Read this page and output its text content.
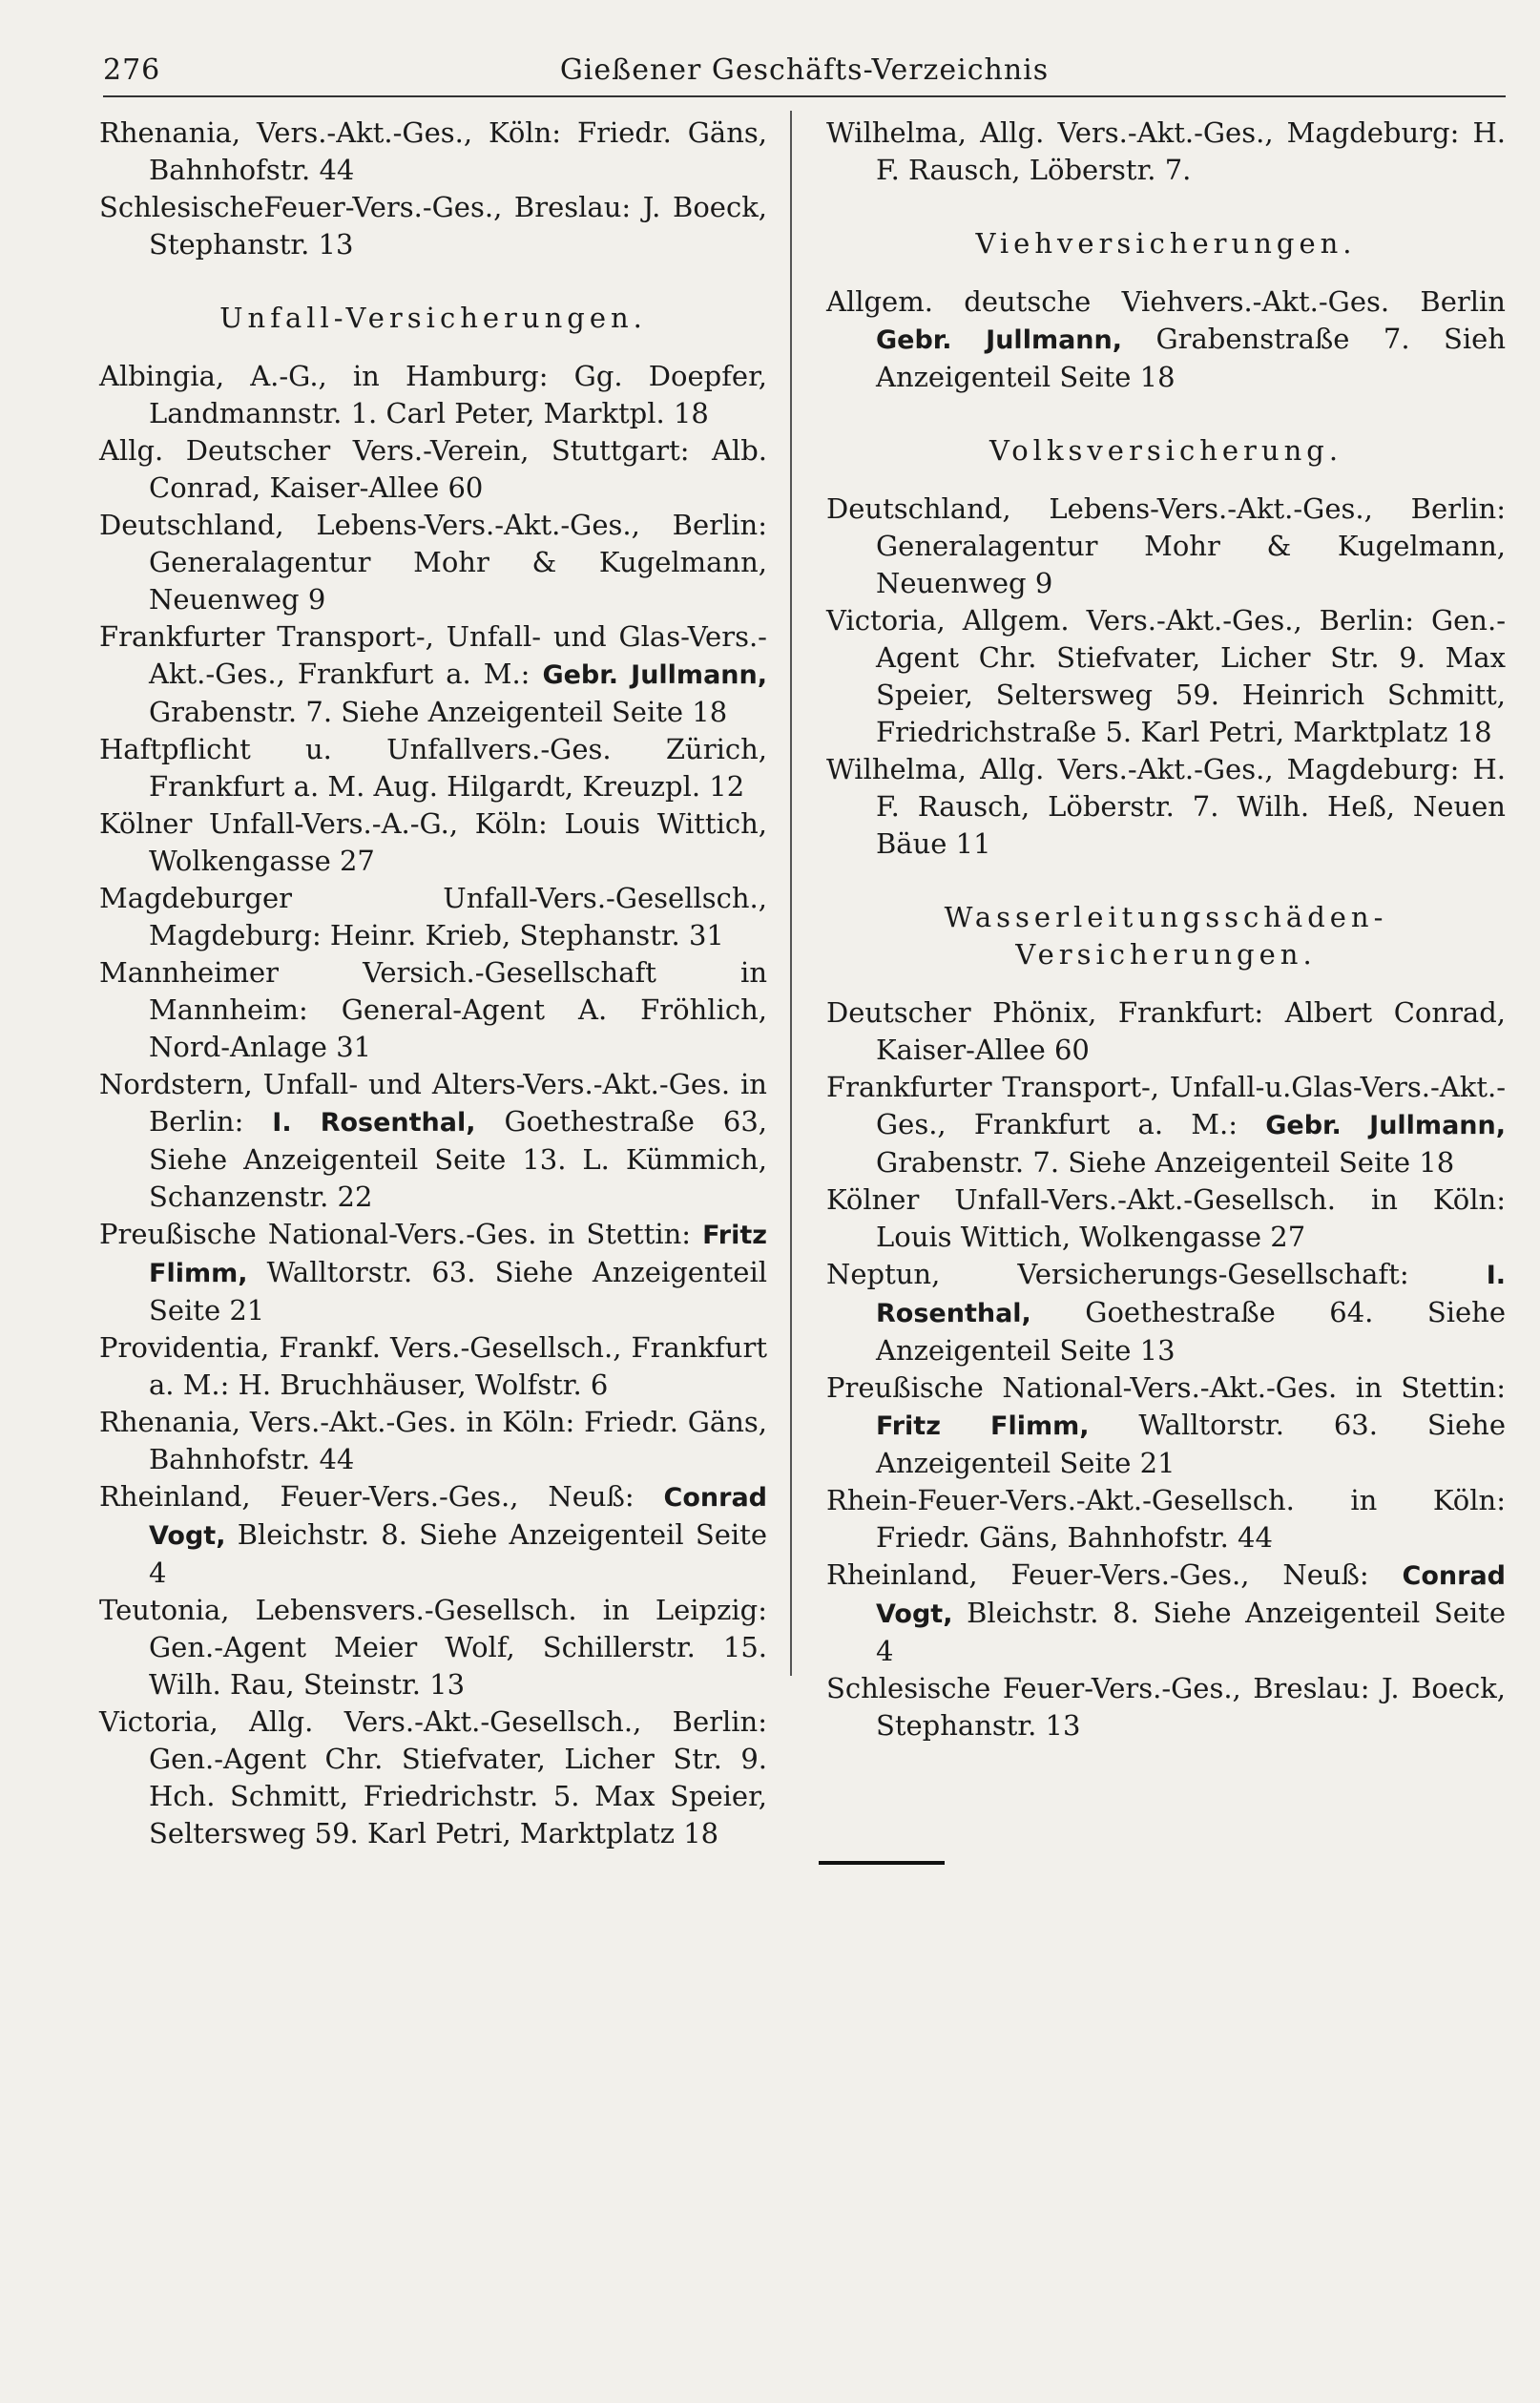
276	Gießener Geschäfts-Verzeichnis

Rhenania, Vers.-Akt.-Ges., Köln: Friedr. Gäns, Bahnhofstr. 44

SchlesischeFeuer-Vers.-Ges., Breslau: J. Boeck, Stephanstr. 13

Unfall-Versicherungen.

Albingia, A.-G., in Hamburg: Gg. Doepfer, Landmannstr. 1. Carl Peter, Marktpl. 18

Allg. Deutscher Vers.-Verein, Stuttgart: Alb. Conrad, Kaiser-Allee 60

Deutschland, Lebens-Vers.-Akt.-Ges., Berlin: Generalagentur Mohr & Kugelmann, Neuenweg 9

Frankfurter Transport-, Unfall- und Glas-Vers.-Akt.-Ges., Frankfurt a. M.: Gebr. Jullmann, Grabenstr. 7. Siehe Anzeigenteil Seite 18

Haftpflicht u. Unfallvers.-Ges. Zürich, Frankfurt a. M. Aug. Hilgardt, Kreuzpl. 12

Kölner Unfall-Vers.-A.-G., Köln: Louis Wittich, Wolkengasse 27

Magdeburger Unfall-Vers.-Gesellsch., Magdeburg: Heinr. Krieb, Stephanstr. 31

Mannheimer Versich.-Gesellschaft in Mannheim: General-Agent A. Fröhlich, Nord-Anlage 31

Nordstern, Unfall- und Alters-Vers.-Akt.-Ges. in Berlin: I. Rosenthal, Goethestraße 63, Siehe Anzeigenteil Seite 13. L. Kümmich, Schanzenstr. 22

Preußische National-Vers.-Ges. in Stettin: Fritz Flimm, Walltorstr. 63. Siehe Anzeigenteil Seite 21

Providentia, Frankf. Vers.-Gesellsch., Frankfurt a. M.: H. Bruchhäuser, Wolfstr. 6

Rhenania, Vers.-Akt.-Ges. in Köln: Friedr. Gäns, Bahnhofstr. 44

Rheinland, Feuer-Vers.-Ges., Neuß: Conrad Vogt, Bleichstr. 8. Siehe Anzeigenteil Seite 4

Teutonia, Lebensvers.-Gesellsch. in Leipzig: Gen.-Agent Meier Wolf, Schillerstr. 15. Wilh. Rau, Steinstr. 13

Victoria, Allg. Vers.-Akt.-Gesellsch., Berlin: Gen.-Agent Chr. Stiefvater, Licher Str. 9. Hch. Schmitt, Friedrichstr. 5. Max Speier, Seltersweg 59. Karl Petri, Marktplatz 18

Wilhelma, Allg. Vers.-Akt.-Ges., Magdeburg: H. F. Rausch, Löberstr. 7.

Viehversicherungen.

Allgem. deutsche Viehvers.-Akt.-Ges. Berlin Gebr. Jullmann, Grabenstraße 7. Sieh Anzeigenteil Seite 18

Volksversicherung.

Deutschland, Lebens-Vers.-Akt.-Ges., Berlin: Generalagentur Mohr & Kugelmann, Neuenweg 9

Victoria, Allgem. Vers.-Akt.-Ges., Berlin: Gen.-Agent Chr. Stiefvater, Licher Str. 9. Max Speier, Seltersweg 59. Heinrich Schmitt, Friedrichstraße 5. Karl Petri, Marktplatz 18

Wilhelma, Allg. Vers.-Akt.-Ges., Magdeburg: H. F. Rausch, Löberstr. 7. Wilh. Heß, Neuen Bäue 11

Wasserleitungsschäden-Versicherungen.

Deutscher Phönix, Frankfurt: Albert Conrad, Kaiser-Allee 60

Frankfurter Transport-, Unfall-u.Glas-Vers.-Akt.-Ges., Frankfurt a. M.: Gebr. Jullmann, Grabenstr. 7. Siehe Anzeigenteil Seite 18

Kölner Unfall-Vers.-Akt.-Gesellsch. in Köln: Louis Wittich, Wolkengasse 27

Neptun, Versicherungs-Gesellschaft: I. Rosenthal, Goethestraße 64. Siehe Anzeigenteil Seite 13

Preußische National-Vers.-Akt.-Ges. in Stettin: Fritz Flimm, Walltorstr. 63. Siehe Anzeigenteil Seite 21

Rhein-Feuer-Vers.-Akt.-Gesellsch. in Köln: Friedr. Gäns, Bahnhofstr. 44

Rheinland, Feuer-Vers.-Ges., Neuß: Conrad Vogt, Bleichstr. 8. Siehe Anzeigenteil Seite 4

Schlesische Feuer-Vers.-Ges., Breslau: J. Boeck, Stephanstr. 13
